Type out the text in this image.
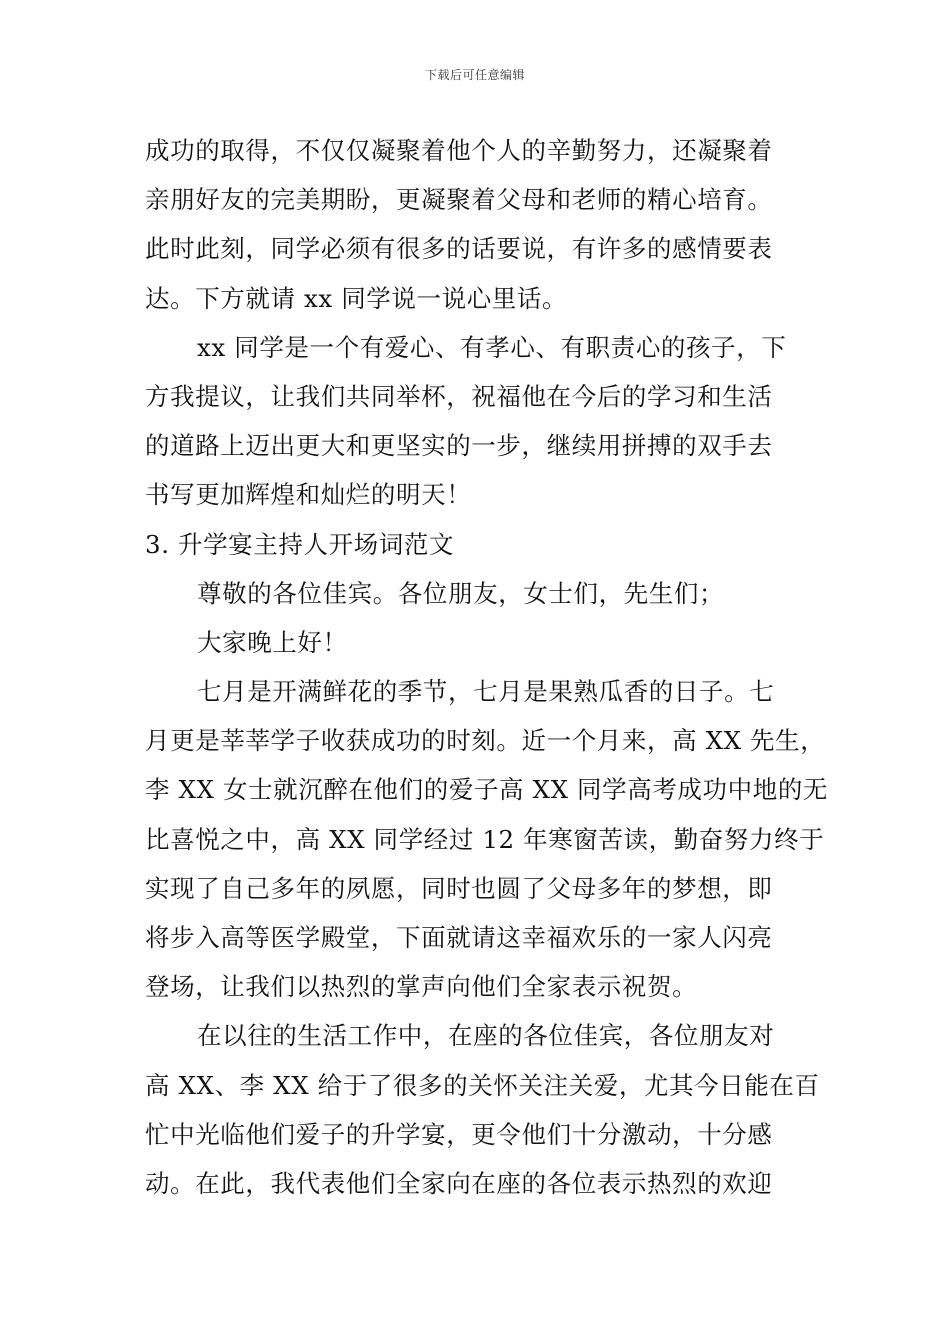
下载后可任意编辑
成功的取得，不仅仅凝聚着他个人的辛勤努力，还凝聚着
亲朋好友的完美期盼，更凝聚着父母和老师的精心培育。
此时此刻，同学必须有很多的话要说，有许多的感情要表
达。下方就请 xx 同学说一说心里话。
xx 同学是一个有爱心、有孝心、有职责心的孩子，下
方我提议，让我们共同举杯，祝福他在今后的学习和生活
的道路上迈出更大和更坚实的一步，继续用拼搏的双手去
书写更加辉煌和灿烂的明天！
3. 升学宴主持人开场词范文
尊敬的各位佳宾。各位朋友，女士们，先生们；
大家晚上好！
七月是开满鲜花的季节，七月是果熟瓜香的日子。七
月更是莘莘学子收获成功的时刻。近一个月来，高 XX 先生，
李 XX 女士就沉醉在他们的爱子高 XX 同学高考成功中地的无
比喜悦之中，高 XX 同学经过 12 年寒窗苦读，勤奋努力终于
实现了自己多年的夙愿，同时也圆了父母多年的梦想，即
将步入高等医学殿堂，下面就请这幸福欢乐的一家人闪亮
登场，让我们以热烈的掌声向他们全家表示祝贺。
在以往的生活工作中，在座的各位佳宾，各位朋友对
高 XX、李 XX 给于了很多的关怀关注关爱，尤其今日能在百
忙中光临他们爱子的升学宴，更令他们十分激动，十分感
动。在此，我代表他们全家向在座的各位表示热烈的欢迎
